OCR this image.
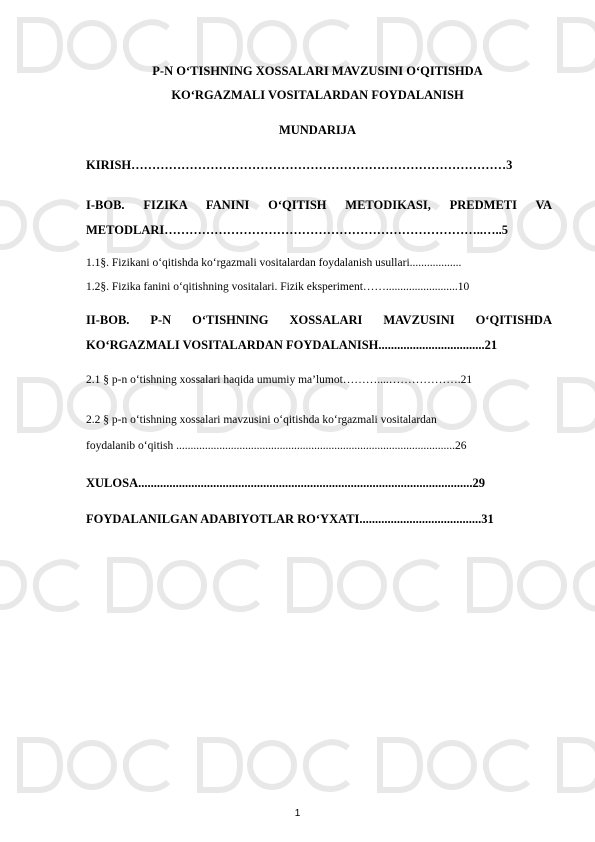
P-N O‘TISHNING XOSSALARI MAVZUSINI O‘QITISHDA
KO‘RGAZMALI VOSITALARDAN FOYDALANISH
MUNDARIJA
KIRISH………………………………………………………………………………3
I-BOB. FIZIKA FANINI O‘QITISH METODIKASI, PREDMETI VA
METODLARI…………………………………………………………………..…..5
1.1§. Fizikani o‘qitishda ko‘rgazmali vositalardan foydalanish usullari..................
1.2§. Fizika fanini o‘qitishning vositalari. Fizik eksperiment…….........................10
II-BOB. P-N O‘TISHNING XOSSALARI MAVZUSINI O‘QITISHDA
KO‘RGAZMALI VOSITALARDAN FOYDALANISH..................................21
2.1 § p-n o‘tishning xossalari haqida umumiy ma’lumot………....……………….21
2.2 § p-n o‘tishning xossalari mavzusini o‘qitishda ko‘rgazmali vositalardan
foydalanib o‘qitish .................................................................................................26
XULOSA...........................................................................................................29
FOYDALANILGAN ADABIYOTLAR RO‘YXATI.......................................31
1
